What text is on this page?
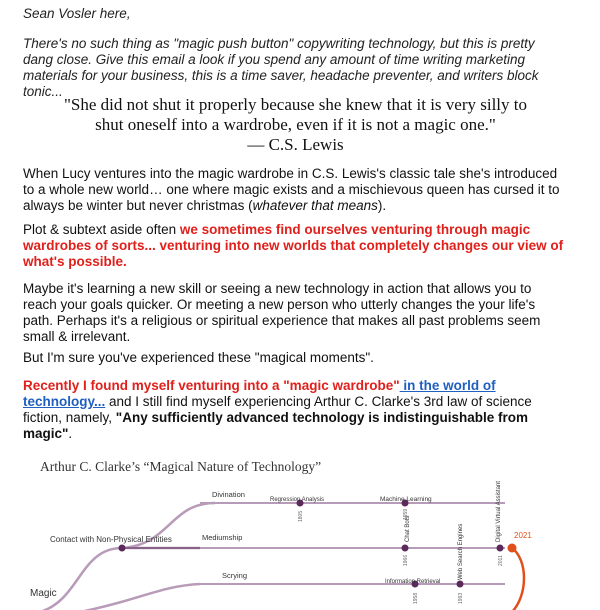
Sean Vosler here,

There's no such thing as "magic push button" copywriting technology, but this is pretty dang close. Give this email a look if you spend any amount of time writing marketing materials for your business, this is a time saver, headache preventer, and writers block tonic...

"She did not shut it properly because she knew that it is very silly to
shut oneself into a wardrobe, even if it is not a magic one."
— C.S. Lewis

When Lucy ventures into the magic wardrobe in C.S. Lewis's classic tale she's introduced to a whole new world… one where magic exists and a mischievous queen has cursed it to always be winter but never christmas (whatever that means).

Plot & subtext aside often we sometimes find ourselves venturing through magic wardrobes of sorts... venturing into new worlds that completely changes our view of what's possible.

Maybe it's learning a new skill or seeing a new technology in action that allows you to reach your goals quicker. Or meeting a new person who utterly changes the your life's path. Perhaps it's a religious or spiritual experience that makes all past problems seem small & irrelevant.

But I'm sure you've experienced these "magical moments".

Recently I found myself venturing into a "magic wardrobe" in the world of technology... and I still find myself experiencing Arthur C. Clarke's 3rd law of science fiction, namely, "Any sufficiently advanced technology is indistinguishable from magic".

Arthur C. Clarke’s “Magical Nature of Technology”
Magic
Contact with Non-Physical Entities
Divination
Mediumship
Scrying
Regression Analysis	Machine Learning
Information Retrieval
2021
Chat Bots	Web Search Engines
Digital Virtual Assistant
1805	1959
1966
1958	1993
2011
